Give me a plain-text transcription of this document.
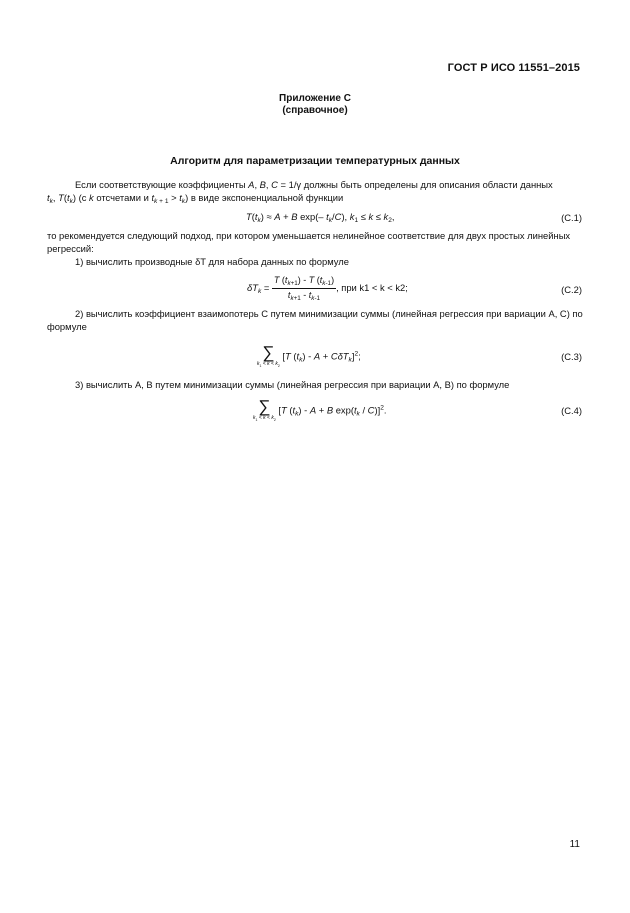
ГОСТ Р ИСО 11551–2015
Приложение С
(справочное)
Алгоритм для параметризации температурных данных
Если соответствующие коэффициенты A, B, C = 1/γ должны быть определены для описания области данных
$t_k$, $T(t_k)$ (с k отсчетами и $t_{k + 1} > t_k$) в виде экспоненциальной функции
$T(t_k) \approx A + B$ exp(– $t_k/C$), $k_1 \le k \le k_2$,	(С.1)
то рекомендуется следующий подход, при котором уменьшается нелинейное соответствие для двух простых линейных регрессий:
1) вычислить производные δT для набора данных по формуле
$\delta T_k = \frac{T (t_{k+1}) - T (t_{k-1})}{t_{k+1} - t_{k-1}}$ , при k1 < k < k2;	(С.2)
2) вычислить коэффициент взаимопотерь С путем минимизации суммы (линейная регрессия при вариации A, C) по формуле
∑
$k_1 < k < k_2$
[T $(t_k) - A + C\delta T_k]^2$;	(С.3)
3) вычислить A, B путем минимизации суммы (линейная регрессия при вариации A, B) по формуле
∑
$k_1 < k < k_2$
[T $(t_k) - A + B$ $\exp(t_k / C)]^2$.	(С.4)
11
